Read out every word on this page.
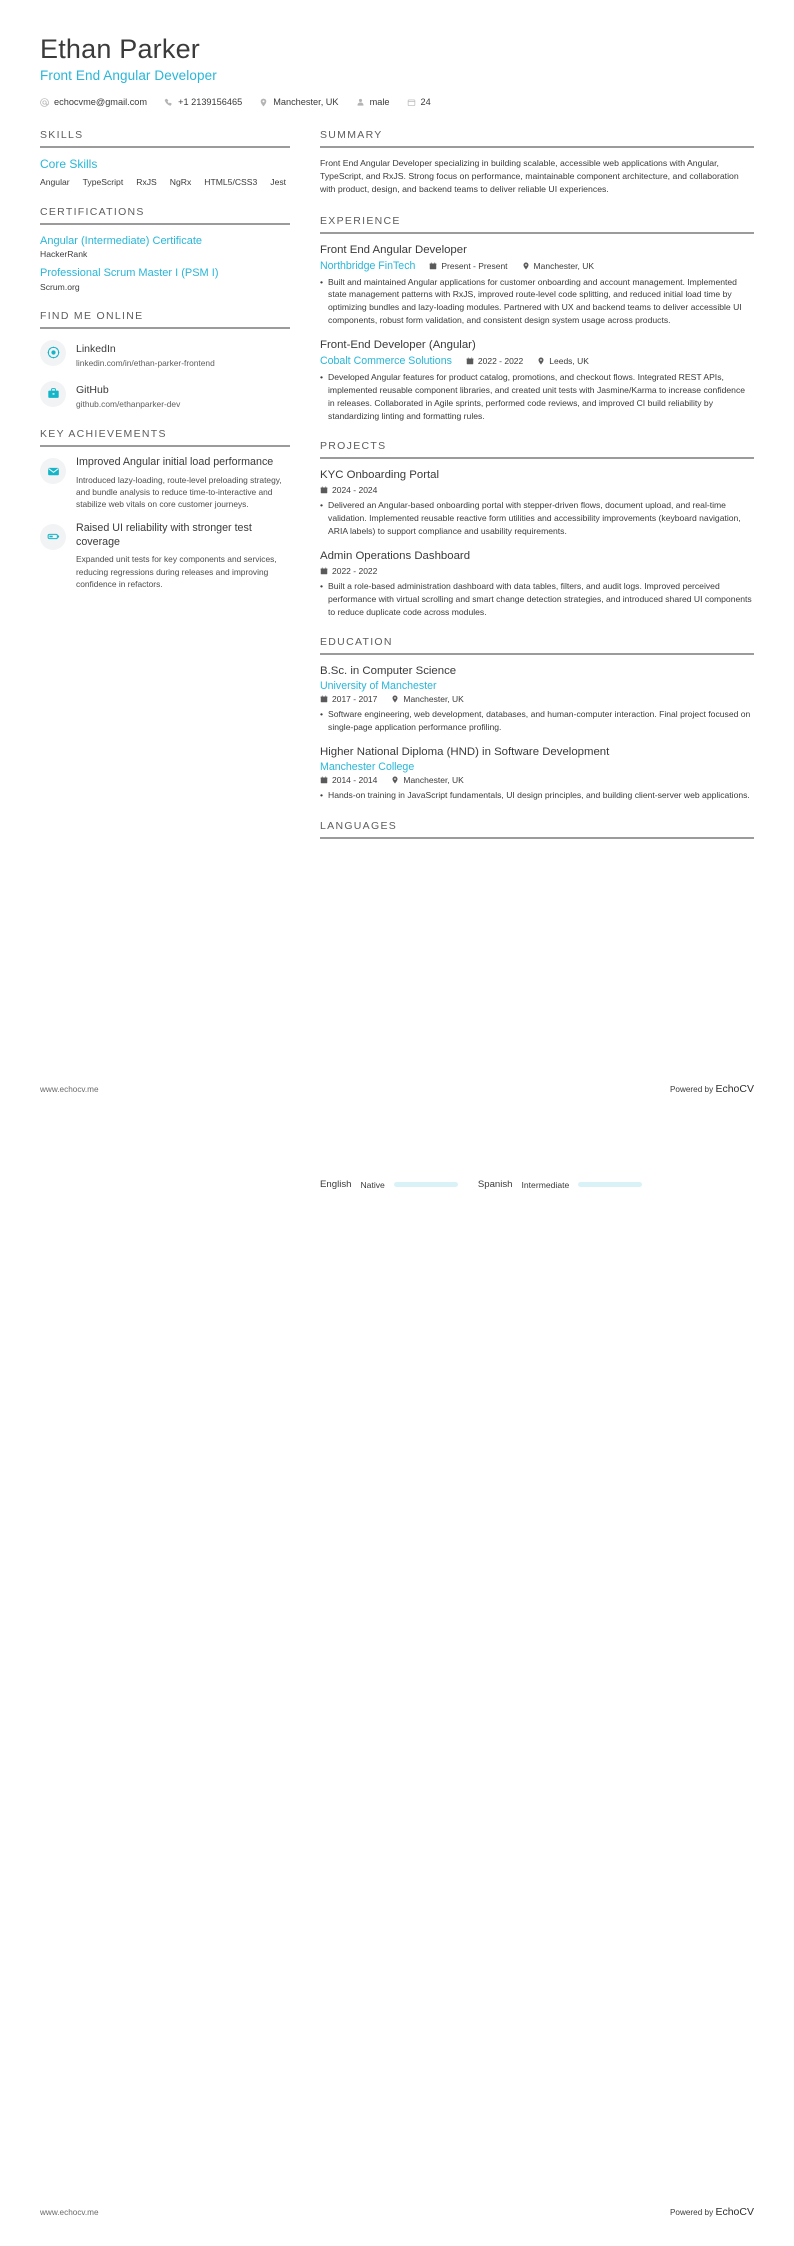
Ethan Parker
Front End Angular Developer
echocvme@gmail.com	+1 2139156465	Manchester, UK	male	24
SKILLS
Core Skills
Angular TypeScript RxJS NgRx HTML5/CSS3 Jest
CERTIFICATIONS
Angular (Intermediate) Certificate
HackerRank
Professional Scrum Master I (PSM I)
Scrum.org
FIND ME ONLINE
LinkedIn
linkedin.com/in/ethan-parker-frontend
GitHub
github.com/ethanparker-dev
KEY ACHIEVEMENTS
Improved Angular initial load performance
Introduced lazy-loading, route-level preloading strategy, and bundle analysis to reduce time-to-interactive and stabilize web vitals on core customer journeys.
Raised UI reliability with stronger test coverage
Expanded unit tests for key components and services, reducing regressions during releases and improving confidence in refactors.
SUMMARY
Front End Angular Developer specializing in building scalable, accessible web applications with Angular, TypeScript, and RxJS. Strong focus on performance, maintainable component architecture, and collaboration with product, design, and backend teams to deliver reliable UI experiences.
EXPERIENCE
Front End Angular Developer
Northbridge FinTech	Present - Present	Manchester, UK
• Built and maintained Angular applications for customer onboarding and account management. Implemented state management patterns with RxJS, improved route-level code splitting, and reduced initial load time by optimizing bundles and lazy-loading modules. Partnered with UX and backend teams to deliver accessible UI components, robust form validation, and consistent design system usage across products.
Front-End Developer (Angular)
Cobalt Commerce Solutions	2022 - 2022	Leeds, UK
• Developed Angular features for product catalog, promotions, and checkout flows. Integrated REST APIs, implemented reusable component libraries, and created unit tests with Jasmine/Karma to increase confidence in releases. Collaborated in Agile sprints, performed code reviews, and improved CI build reliability by standardizing linting and formatting rules.
PROJECTS
KYC Onboarding Portal
2024 - 2024
• Delivered an Angular-based onboarding portal with stepper-driven flows, document upload, and real-time validation. Implemented reusable reactive form utilities and accessibility improvements (keyboard navigation, ARIA labels) to support compliance and usability requirements.
Admin Operations Dashboard
2022 - 2022
• Built a role-based administration dashboard with data tables, filters, and audit logs. Improved perceived performance with virtual scrolling and smart change detection strategies, and introduced shared UI components to reduce duplicate code across modules.
EDUCATION
B.Sc. in Computer Science
University of Manchester
2017 - 2017	Manchester, UK
• Software engineering, web development, databases, and human-computer interaction. Final project focused on single-page application performance profiling.
Higher National Diploma (HND) in Software Development
Manchester College
2014 - 2014	Manchester, UK
• Hands-on training in JavaScript fundamentals, UI design principles, and building client-server web applications.
LANGUAGES
www.echocv.me	Powered by EchoCV
English Native	Spanish Intermediate
www.echocv.me	Powered by EchoCV
